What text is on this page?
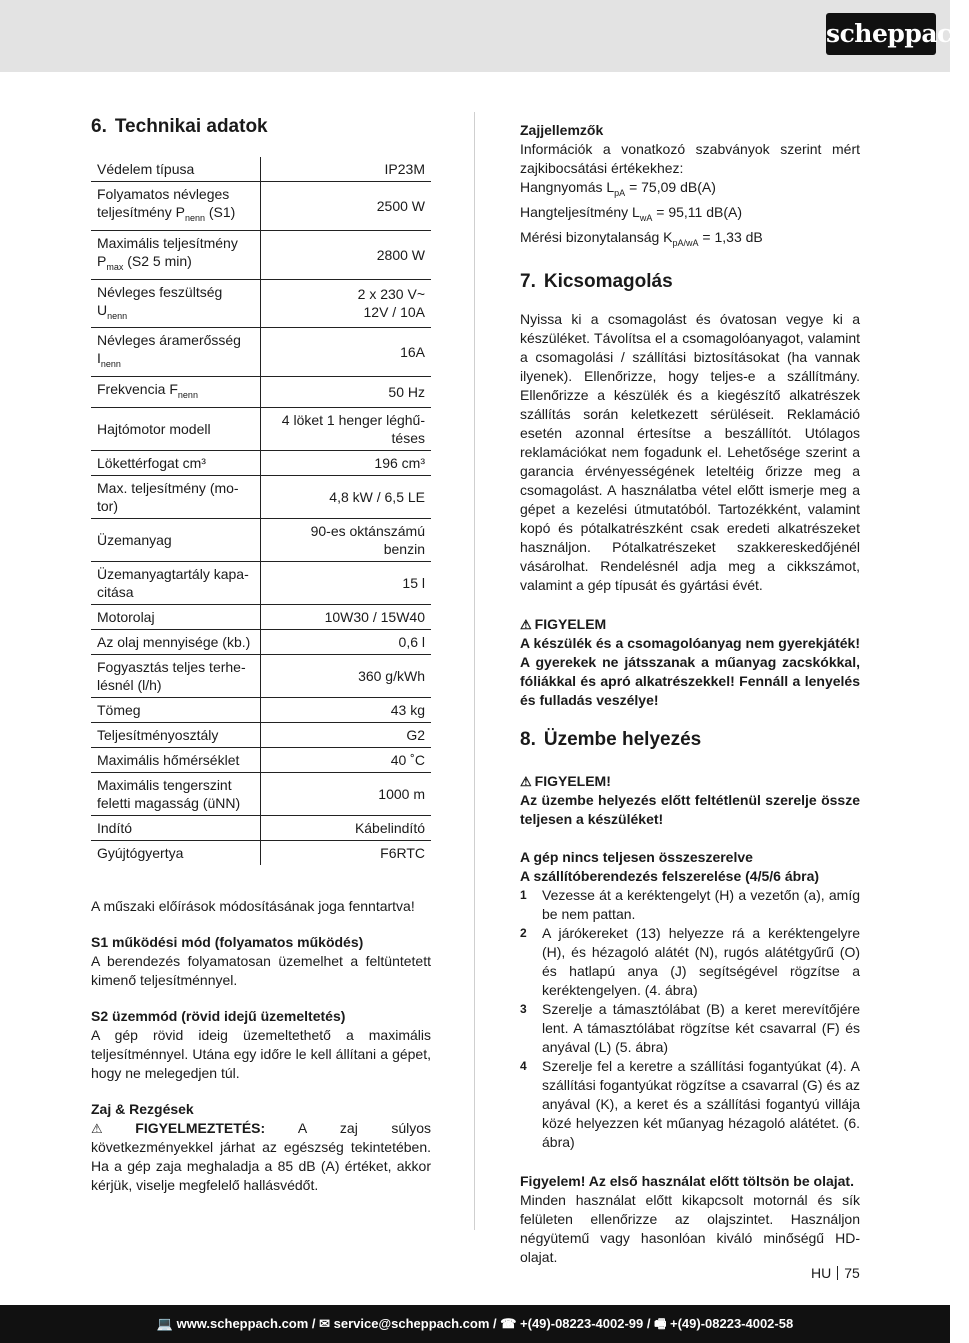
scheppach
6. Technikai adatok
Védelem típusa	IP23M
Folyamatos névleges teljesítmény $P_{nenn}$ (S1)	2500 W
Maximális teljesítmény $P_{max}$ (S2 5 min)	2800 W
Névleges feszültség $U_{nenn}$	2 x 230 V~
12V / 10A
Névleges áramerősség $I_{nenn}$	16A
Frekvencia $F_{nenn}$	50 Hz
Hajtómotor modell	4 löket 1 henger léghű-
téses
Lökettérfogat cm³	196 cm³
Max. teljesítmény (mo-tor)	4,8 kW / 6,5 LE
Üzemanyag	90-es oktánszámú
benzin
Üzemanyagtartály kapa-citása	15 l
Motorolaj	10W30 / 15W40
Az olaj mennyisége (kb.)	0,6 l
Fogyasztás teljes terhe-lésnél (l/h)	360 g/kWh
Tömeg	43 kg
Teljesítményosztály	G2
Maximális hőmérséklet	40 ˚C
Maximális tengerszint feletti magasság (üNN)	1000 m
Indító	Kábelindító
Gyújtógyertya	F6RTC

A műszaki előírások módosításának joga fenntartva!

S1 működési mód (folyamatos működés)

A berendezés folyamatosan üzemelhet a feltüntetett kimenő teljesítménnyel.

S2 üzemmód (rövid idejű üzemeltetés)

A gép rövid ideig üzemeltethető a maximális teljesítménnyel. Utána egy időre le kell állítani a gépet, hogy ne melegedjen túl.

Zaj & Rezgések

⚠ FIGYELMEZTETÉS: A zaj súlyos következményekkel járhat az egészség tekintetében. Ha a gép zaja meghaladja a 85 dB (A) értéket, akkor kérjük, viselje megfelelő hallásvédőt.

Zajjellemzők

Információk a vonatkozó szabványok szerint mért zajkibocsátási értékekhez:

Hangnyomás $L_{pA} = 75,09$ dB(A)

Hangteljesítmény $L_{wA} = 95,11$ dB(A)

Mérési bizonytalanság $K_{pA/wA} = 1,33$ dB

7. Kicsomagolás

Nyissa ki a csomagolást és óvatosan vegye ki a készüléket. Távolítsa el a csomagolóanyagot, valamint a csomagolási / szállítási biztosításokat (ha vannak ilyenek). Ellenőrizze, hogy teljes-e a szállítmány. Ellenőrizze a készülék és a kiegészítő alkatrészek szállítás során keletkezett sérüléseit. Reklamáció esetén azonnal értesítse a beszállítót. Utólagos reklamációkat nem fogadunk el. Lehetősége szerint a garancia érvényességének leteltéig őrizze meg a csomagolást. A használatba vétel előtt ismerje meg a gépet a kezelési útmutatóból. Tartozékként, valamint kopó és pótalkatrészként csak eredeti alkatrészeket használjon. Pótalkatrészeket szakkereskedőjénél vásárolhat. Rendelésnél adja meg a cikkszámot, valamint a gép típusát és gyártási évét.

⚠ FIGYELEM

A készülék és a csomagolóanyag nem gyerekjáték! A gyerekek ne játsszanak a műanyag zacskókkal, fóliákkal és apró alkatrészekkel! Fennáll a lenyelés és fulladás veszélye!

8. Üzembe helyezés

⚠ FIGYELEM!

Az üzembe helyezés előtt feltétlenül szerelje össze teljesen a készüléket!

A gép nincs teljesen összeszerelve

A szállítóberendezés felszerelése (4/5/6 ábra)

1	Vezesse át a keréktengelyt (H) a vezetőn (a), amíg be nem pattan.
2	A járókereket (13) helyezze rá a keréktengelyre (H), és hézagoló alátét (N), rugós alátétgyűrű (O) és hatlapú anya (J) segítségével rögzítse a keréktengelyen. (4. ábra)
3	Szerelje a támasztólábat (B) a keret merevítőjére lent. A támasztólábat rögzítse két csavarral (F) és anyával (L) (5. ábra)
4	Szerelje fel a keretre a szállítási fogantyúkat (4). A szállítási fogantyúkat rögzítse a csavarral (G) és az anyával (K), a keret és a szállítási fogantyú villája közé helyezzen két műanyag hézagoló alátétet. (6. ábra)

Figyelem! Az első használat előtt töltsön be olajat.

Minden használat előtt kikapcsolt motornál és sík felületen ellenőrizze az olajszintet. Használjon négyütemű vagy hasonlóan kiváló minőségű HD-olajat.

HU 75
💻 www.scheppach.com / ✉ service@scheppach.com / ☎ +(49)-08223-4002-99 / 🖷 +(49)-08223-4002-58
